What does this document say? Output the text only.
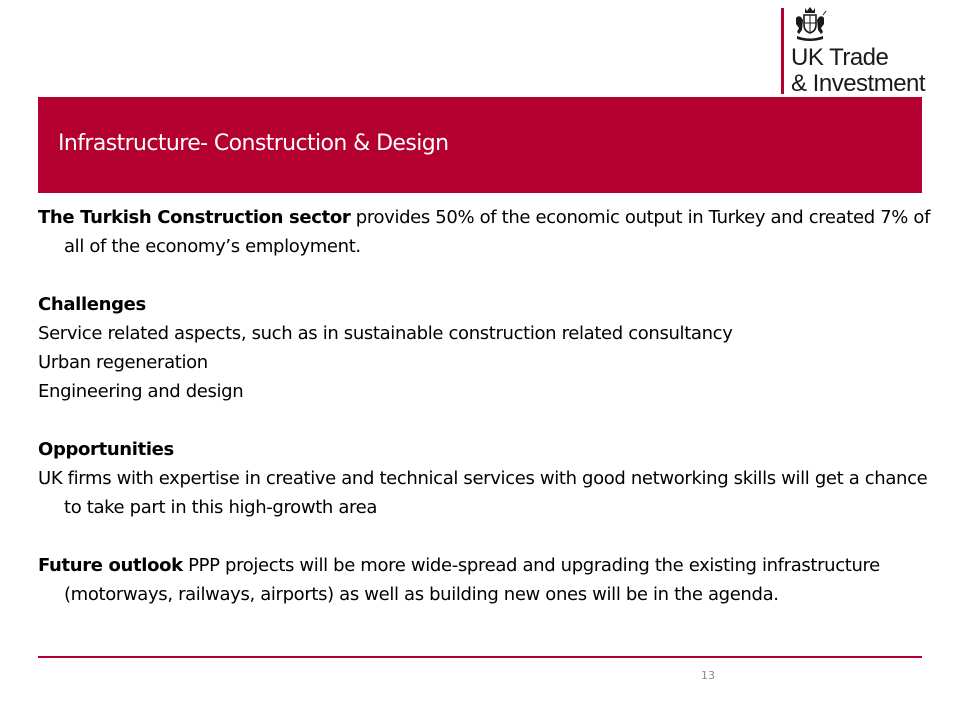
UK Trade
& Investment
Infrastructure- Construction & Design

The Turkish Construction sector provides 50% of the economic output in Turkey and created 7% of all of the economy’s employment.

Challenges

Service related aspects, such as in sustainable construction related consultancy

Urban regeneration

Engineering and design

Opportunities

UK firms with expertise in creative and technical services with good networking skills will get a chance to take part in this high-growth area

Future outlook PPP projects will be more wide-spread and upgrading the existing infrastructure (motorways, railways, airports) as well as building new ones will be in the agenda.

13
